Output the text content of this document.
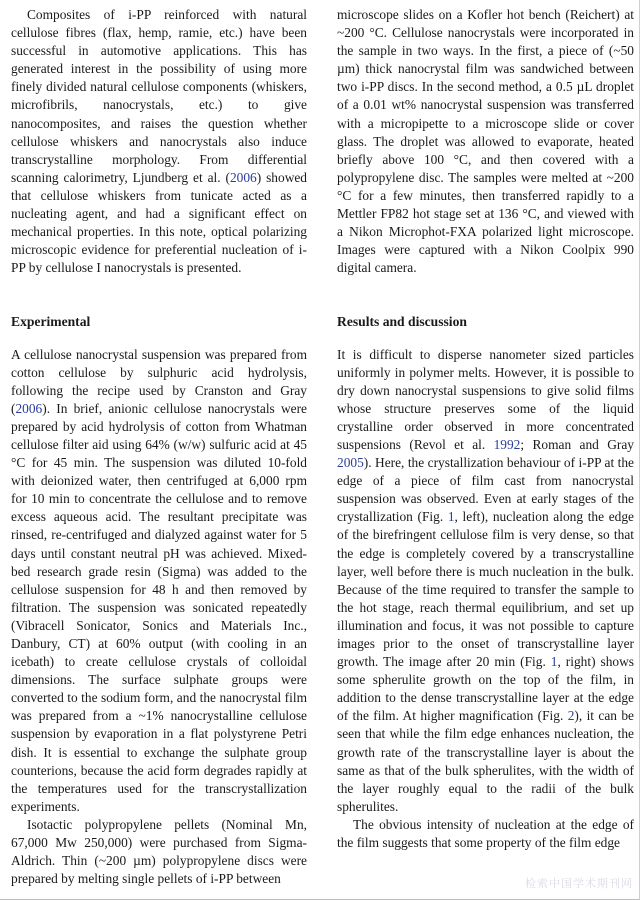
Composites of i-PP reinforced with natural cellulose fibres (flax, hemp, ramie, etc.) have been successful in automotive applications. This has generated interest in the possibility of using more finely divided natural cellulose components (whiskers, microfibrils, nanocrystals, etc.) to give nanocomposites, and raises the question whether cellulose whiskers and nanocrystals also induce transcrystalline morphology. From differential scanning calorimetry, Ljundberg et al. (2006) showed that cellulose whiskers from tunicate acted as a nucleating agent, and had a significant effect on mechanical properties. In this note, optical polarizing microscopic evidence for preferential nucleation of i-PP by cellulose I nanocrystals is presented.

Experimental

A cellulose nanocrystal suspension was prepared from cotton cellulose by sulphuric acid hydrolysis, following the recipe used by Cranston and Gray (2006). In brief, anionic cellulose nanocrystals were prepared by acid hydrolysis of cotton from Whatman cellulose filter aid using 64% (w/w) sulfuric acid at 45 °C for 45 min. The suspension was diluted 10-fold with deionized water, then centrifuged at 6,000 rpm for 10 min to concentrate the cellulose and to remove excess aqueous acid. The resultant precipitate was rinsed, re-centrifuged and dialyzed against water for 5 days until constant neutral pH was achieved. Mixed-bed research grade resin (Sigma) was added to the cellulose suspension for 48 h and then removed by filtration. The suspension was sonicated repeatedly (Vibracell Sonicator, Sonics and Materials Inc., Danbury, CT) at 60% output (with cooling in an icebath) to create cellulose crystals of colloidal dimensions. The surface sulphate groups were converted to the sodium form, and the nanocrystal film was prepared from a ~1% nanocrystalline cellulose suspension by evaporation in a flat polystyrene Petri dish. It is essential to exchange the sulphate group counterions, because the acid form degrades rapidly at the temperatures used for the transcrystallization experiments.

Isotactic polypropylene pellets (Nominal Mn, 67,000 Mw 250,000) were purchased from Sigma-Aldrich. Thin (~200 µm) polypropylene discs were prepared by melting single pellets of i-PP between

microscope slides on a Kofler hot bench (Reichert) at ~200 °C. Cellulose nanocrystals were incorporated in the sample in two ways. In the first, a piece of (~50 µm) thick nanocrystal film was sandwiched between two i-PP discs. In the second method, a 0.5 µL droplet of a 0.01 wt% nanocrystal suspension was transferred with a micropipette to a microscope slide or cover glass. The droplet was allowed to evaporate, heated briefly above 100 °C, and then covered with a polypropylene disc. The samples were melted at ~200 °C for a few minutes, then transferred rapidly to a Mettler FP82 hot stage set at 136 °C, and viewed with a Nikon Microphot-FXA polarized light microscope. Images were captured with a Nikon Coolpix 990 digital camera.

Results and discussion

It is difficult to disperse nanometer sized particles uniformly in polymer melts. However, it is possible to dry down nanocrystal suspensions to give solid films whose structure preserves some of the liquid crystalline order observed in more concentrated suspensions (Revol et al. 1992; Roman and Gray 2005). Here, the crystallization behaviour of i-PP at the edge of a piece of film cast from nanocrystal suspension was observed. Even at early stages of the crystallization (Fig. 1, left), nucleation along the edge of the birefringent cellulose film is very dense, so that the edge is completely covered by a transcrystalline layer, well before there is much nucleation in the bulk. Because of the time required to transfer the sample to the hot stage, reach thermal equilibrium, and set up illumination and focus, it was not possible to capture images prior to the onset of transcrystalline layer growth. The image after 20 min (Fig. 1, right) shows some spherulite growth on the top of the film, in addition to the dense transcrystalline layer at the edge of the film. At higher magnification (Fig. 2), it can be seen that while the film edge enhances nucleation, the growth rate of the transcrystalline layer is about the same as that of the bulk spherulites, with the width of the layer roughly equal to the radii of the bulk spherulites.

The obvious intensity of nucleation at the edge of the film suggests that some property of the film edge

检索中国学术期刊网
